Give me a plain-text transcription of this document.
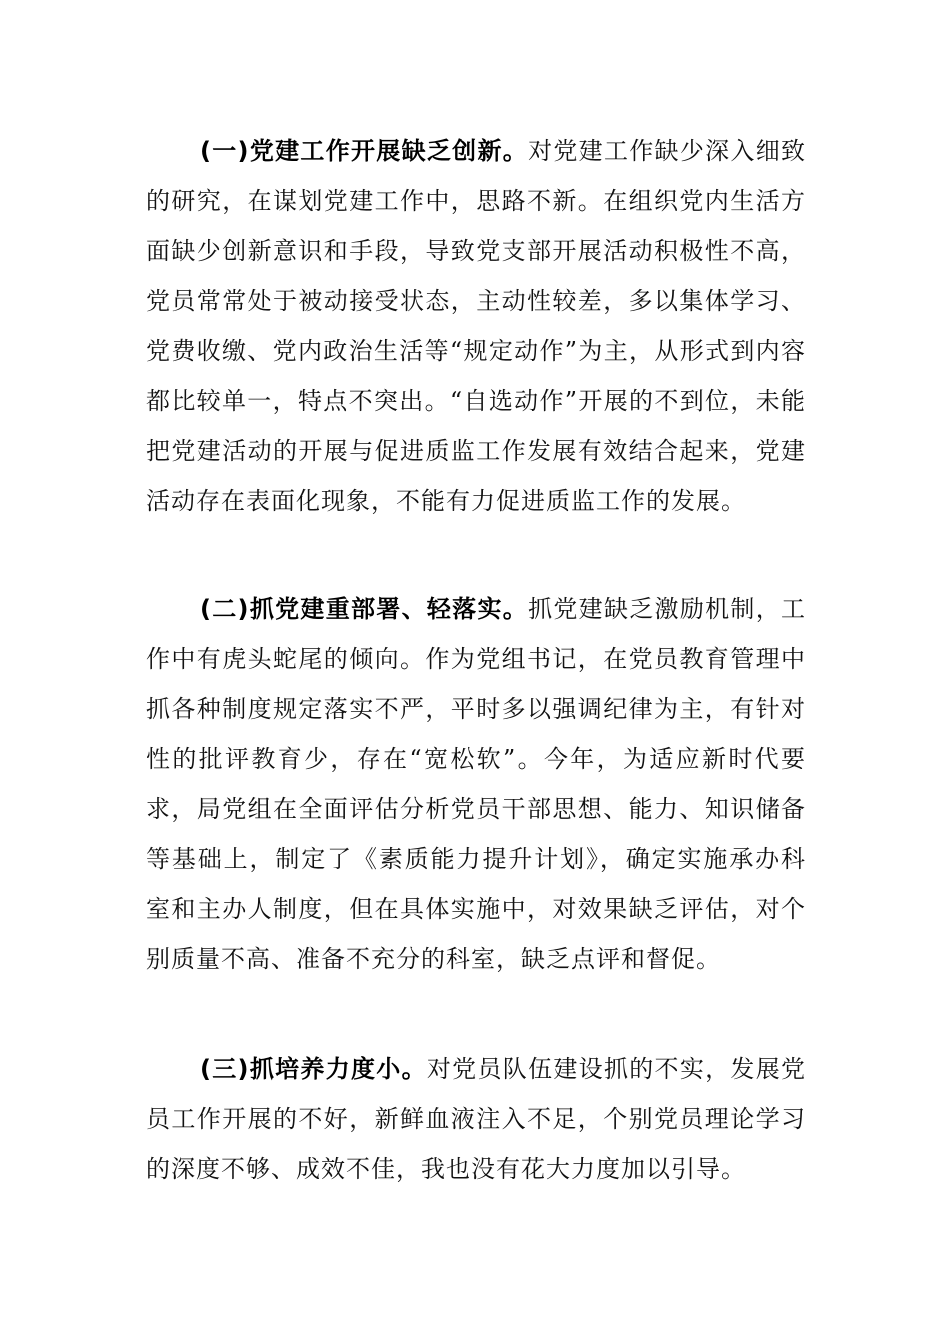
(一)党建工作开展缺乏创新。对党建工作缺少深入细致的研究，在谋划党建工作中，思路不新。在组织党内生活方面缺少创新意识和手段，导致党支部开展活动积极性不高，党员常常处于被动接受状态，主动性较差，多以集体学习、党费收缴、党内政治生活等“规定动作”为主，从形式到内容都比较单一，特点不突出。“自选动作”开展的不到位，未能把党建活动的开展与促进质监工作发展有效结合起来，党建活动存在表面化现象，不能有力促进质监工作的发展。

(二)抓党建重部署、轻落实。抓党建缺乏激励机制，工作中有虎头蛇尾的倾向。作为党组书记，在党员教育管理中抓各种制度规定落实不严，平时多以强调纪律为主，有针对性的批评教育少，存在“宽松软”。今年，为适应新时代要求，局党组在全面评估分析党员干部思想、能力、知识储备等基础上，制定了《素质能力提升计划》，确定实施承办科室和主办人制度，但在具体实施中，对效果缺乏评估，对个别质量不高、准备不充分的科室，缺乏点评和督促。

(三)抓培养力度小。对党员队伍建设抓的不实，发展党员工作开展的不好，新鲜血液注入不足，个别党员理论学习的深度不够、成效不佳，我也没有花大力度加以引导。
